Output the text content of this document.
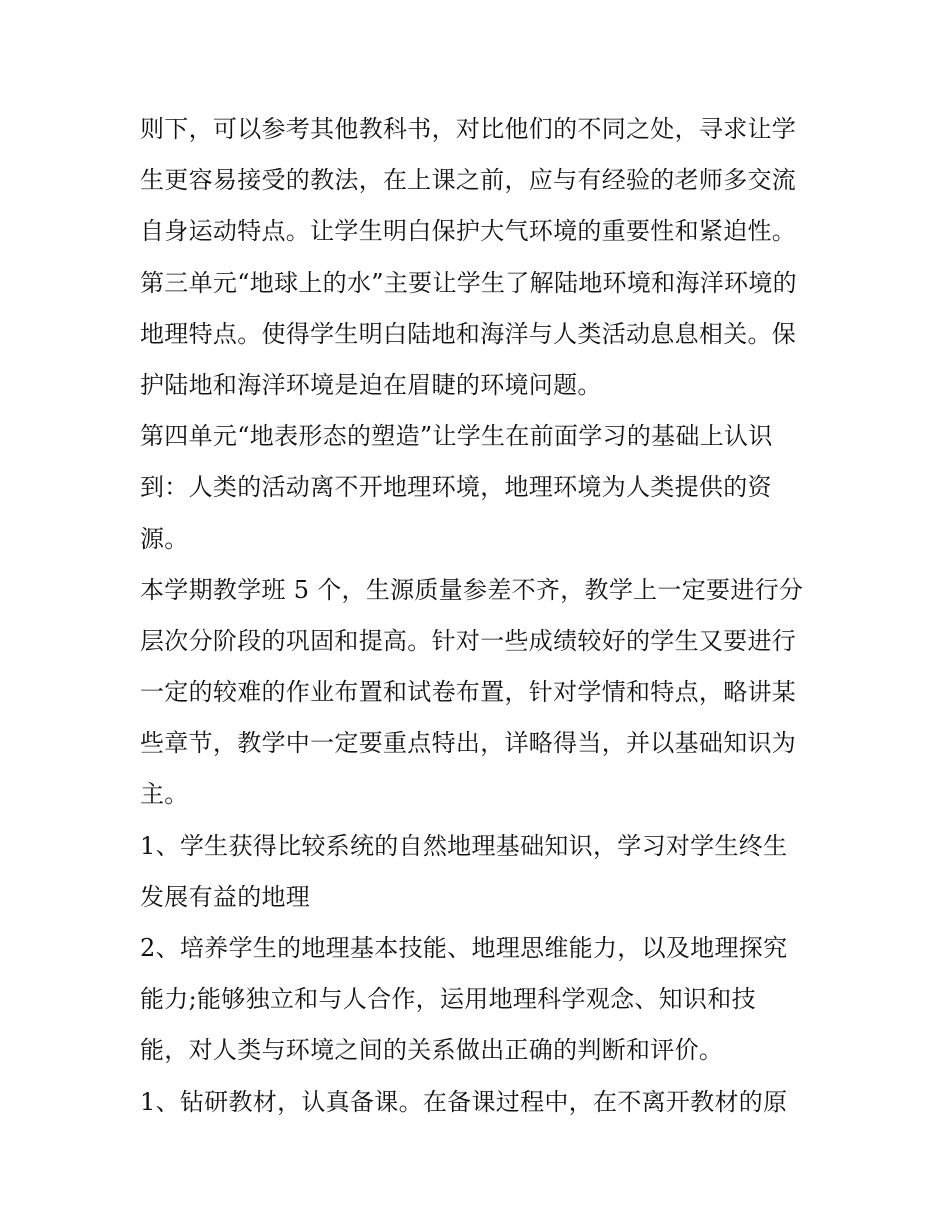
则下，可以参考其他教科书，对比他们的不同之处，寻求让学
生更容易接受的教法，在上课之前，应与有经验的老师多交流
自身运动特点。让学生明白保护大气环境的重要性和紧迫性。
第三单元“地球上的水”主要让学生了解陆地环境和海洋环境的
地理特点。使得学生明白陆地和海洋与人类活动息息相关。保
护陆地和海洋环境是迫在眉睫的环境问题。
第四单元“地表形态的塑造”让学生在前面学习的基础上认识
到：人类的活动离不开地理环境，地理环境为人类提供的资
源。
本学期教学班 5 个，生源质量参差不齐，教学上一定要进行分
层次分阶段的巩固和提高。针对一些成绩较好的学生又要进行
一定的较难的作业布置和试卷布置，针对学情和特点，略讲某
些章节，教学中一定要重点特出，详略得当，并以基础知识为
主。
1、学生获得比较系统的自然地理基础知识，学习对学生终生
发展有益的地理
2、培养学生的地理基本技能、地理思维能力，以及地理探究
能力;能够独立和与人合作，运用地理科学观念、知识和技
能，对人类与环境之间的关系做出正确的判断和评价。
1、钻研教材，认真备课。在备课过程中，在不离开教材的原
